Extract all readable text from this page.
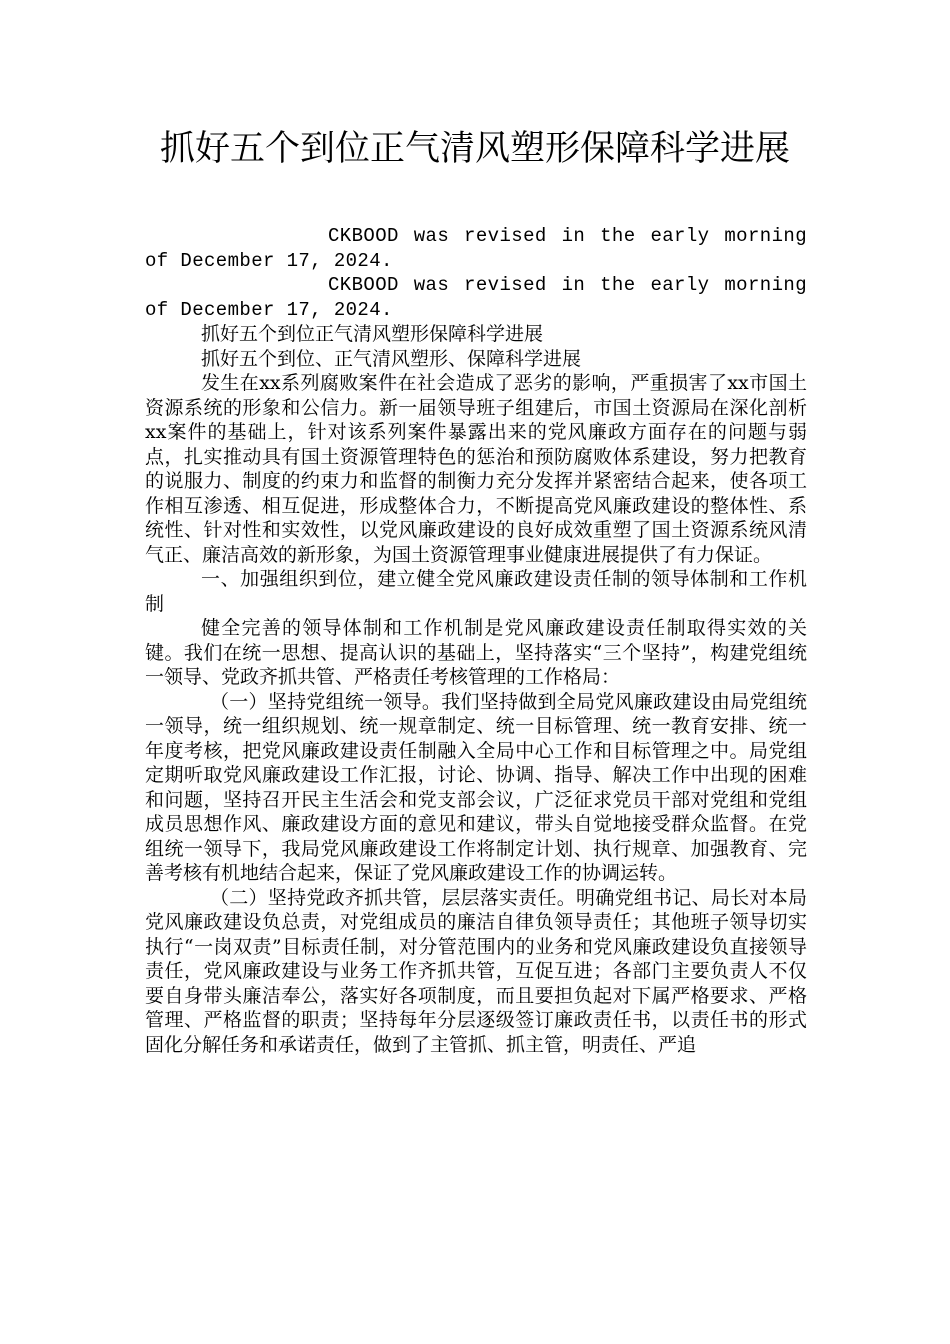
抓好五个到位正气清风塑形保障科学进展

CKBOOD was revised in the early morning of December 17, 2024.

CKBOOD was revised in the early morning of December 17, 2024.

抓好五个到位正气清风塑形保障科学进展

抓好五个到位、正气清风塑形、保障科学进展

发生在xx系列腐败案件在社会造成了恶劣的影响，严重损害了xx市国土资源系统的形象和公信力。新一届领导班子组建后，市国土资源局在深化剖析xx案件的基础上，针对该系列案件暴露出来的党风廉政方面存在的问题与弱点，扎实推动具有国土资源管理特色的惩治和预防腐败体系建设，努力把教育的说服力、制度的约束力和监督的制衡力充分发挥并紧密结合起来，使各项工作相互渗透、相互促进，形成整体合力，不断提高党风廉政建设的整体性、系统性、针对性和实效性，以党风廉政建设的良好成效重塑了国土资源系统风清气正、廉洁高效的新形象，为国土资源管理事业健康进展提供了有力保证。

一、加强组织到位，建立健全党风廉政建设责任制的领导体制和工作机制

健全完善的领导体制和工作机制是党风廉政建设责任制取得实效的关键。我们在统一思想、提高认识的基础上，坚持落实“三个坚持”，构建党组统一领导、党政齐抓共管、严格责任考核管理的工作格局：

（一）坚持党组统一领导。我们坚持做到全局党风廉政建设由局党组统一领导，统一组织规划、统一规章制定、统一目标管理、统一教育安排、统一年度考核，把党风廉政建设责任制融入全局中心工作和目标管理之中。局党组定期听取党风廉政建设工作汇报，讨论、协调、指导、解决工作中出现的困难和问题，坚持召开民主生活会和党支部会议，广泛征求党员干部对党组和党组成员思想作风、廉政建设方面的意见和建议，带头自觉地接受群众监督。在党组统一领导下，我局党风廉政建设工作将制定计划、执行规章、加强教育、完善考核有机地结合起来，保证了党风廉政建设工作的协调运转。

（二）坚持党政齐抓共管，层层落实责任。明确党组书记、局长对本局党风廉政建设负总责，对党组成员的廉洁自律负领导责任；其他班子领导切实执行“一岗双责”目标责任制，对分管范围内的业务和党风廉政建设负直接领导责任，党风廉政建设与业务工作齐抓共管，互促互进；各部门主要负责人不仅要自身带头廉洁奉公，落实好各项制度，而且要担负起对下属严格要求、严格管理、严格监督的职责；坚持每年分层逐级签订廉政责任书，以责任书的形式固化分解任务和承诺责任，做到了主管抓、抓主管，明责任、严追
